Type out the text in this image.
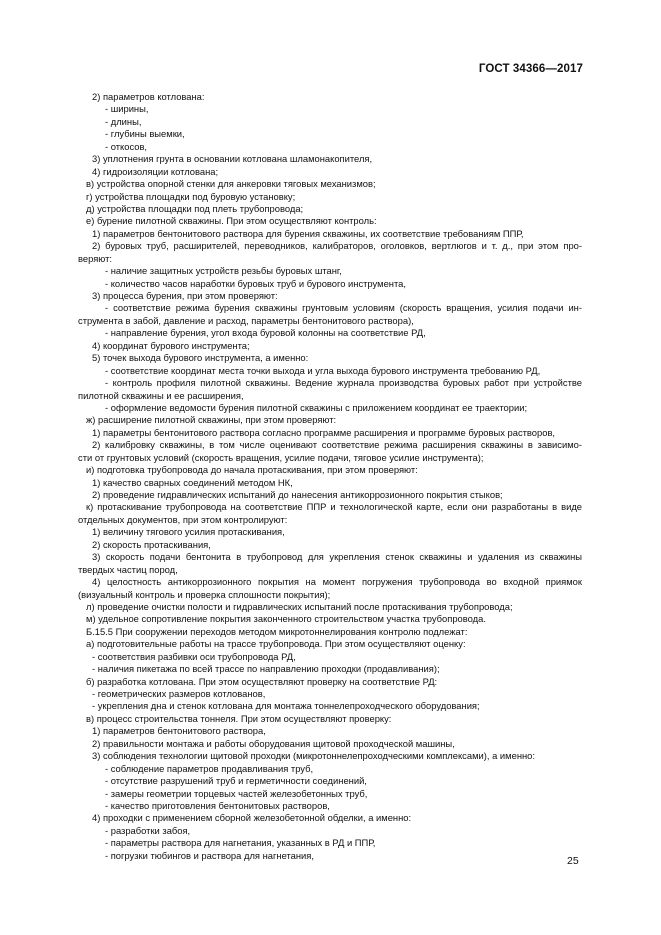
ГОСТ 34366—2017
2) параметров котлована:
- ширины,
- длины,
- глубины выемки,
- откосов,
3) уплотнения грунта в основании котлована шламонакопителя,
4) гидроизоляции котлована;
в) устройства опорной стенки для анкеровки тяговых механизмов;
г) устройства площадки под буровую установку;
д) устройства площадки под плеть трубопровода;
е) бурение пилотной скважины. При этом осуществляют контроль:
1) параметров бентонитового раствора для бурения скважины, их соответствие требованиям ППР,
2) буровых труб, расширителей, переводников, калибраторов, оголовков, вертлюгов и т. д., при этом про-
веряют:
- наличие защитных устройств резьбы буровых штанг,
- количество часов наработки буровых труб и бурового инструмента,
3) процесса бурения, при этом проверяют:
- соответствие режима бурения скважины грунтовым условиям (скорость вращения, усилия подачи ин-
струмента в забой, давление и расход, параметры бентонитового раствора),
- направление бурения, угол входа буровой колонны на соответствие РД,
4) координат бурового инструмента;
5) точек выхода бурового инструмента, а именно:
- соответствие координат места точки выхода и угла выхода бурового инструмента требованию РД,
- контроль профиля пилотной скважины. Ведение журнала производства буровых работ при устройстве
пилотной скважины и ее расширения,
- оформление ведомости бурения пилотной скважины с приложением координат ее траектории;
ж) расширение пилотной скважины, при этом проверяют:
1) параметры бентонитового раствора согласно программе расширения и программе буровых растворов,
2) калибровку скважины, в том числе оценивают соответствие режима расширения скважины в зависимо-
сти от грунтовых условий (скорость вращения, усилие подачи, тяговое усилие инструмента);
и) подготовка трубопровода до начала протаскивания, при этом проверяют:
1) качество сварных соединений методом НК,
2) проведение гидравлических испытаний до нанесения антикоррозионного покрытия стыков;
к) протаскивание трубопровода на соответствие ППР и технологической карте, если они разработаны в виде
отдельных документов, при этом контролируют:
1) величину тягового усилия протаскивания,
2) скорость протаскивания,
3) скорость подачи бентонита в трубопровод для укрепления стенок скважины и удаления из скважины
твердых частиц пород,
4) целостность антикоррозионного покрытия на момент погружения трубопровода во входной приямок
(визуальный контроль и проверка сплошности покрытия);
л) проведение очистки полости и гидравлических испытаний после протаскивания трубопровода;
м) удельное сопротивление покрытия законченного строительством участка трубопровода.
Б.15.5 При сооружении переходов методом микротоннелирования контролю подлежат:
а) подготовительные работы на трассе трубопровода. При этом осуществляют оценку:
- соответствия разбивки оси трубопровода РД,
- наличия пикетажа по всей трассе по направлению проходки (продавливания);
б) разработка котлована. При этом осуществляют проверку на соответствие РД:
- геометрических размеров котлованов,
- укрепления дна и стенок котлована для монтажа тоннелепроходческого оборудования;
в) процесс строительства тоннеля. При этом осуществляют проверку:
1) параметров бентонитового раствора,
2) правильности монтажа и работы оборудования щитовой проходческой машины,
3) соблюдения технологии щитовой проходки (микротоннелепроходческими комплексами), а именно:
- соблюдение параметров продавливания труб,
- отсутствие разрушений труб и герметичности соединений,
- замеры геометрии торцевых частей железобетонных труб,
- качество приготовления бентонитовых растворов,
4) проходки с применением сборной железобетонной обделки, а именно:
- разработки забоя,
- параметры раствора для нагнетания, указанных в РД и ППР,
- погрузки тюбингов и раствора для нагнетания,	25
